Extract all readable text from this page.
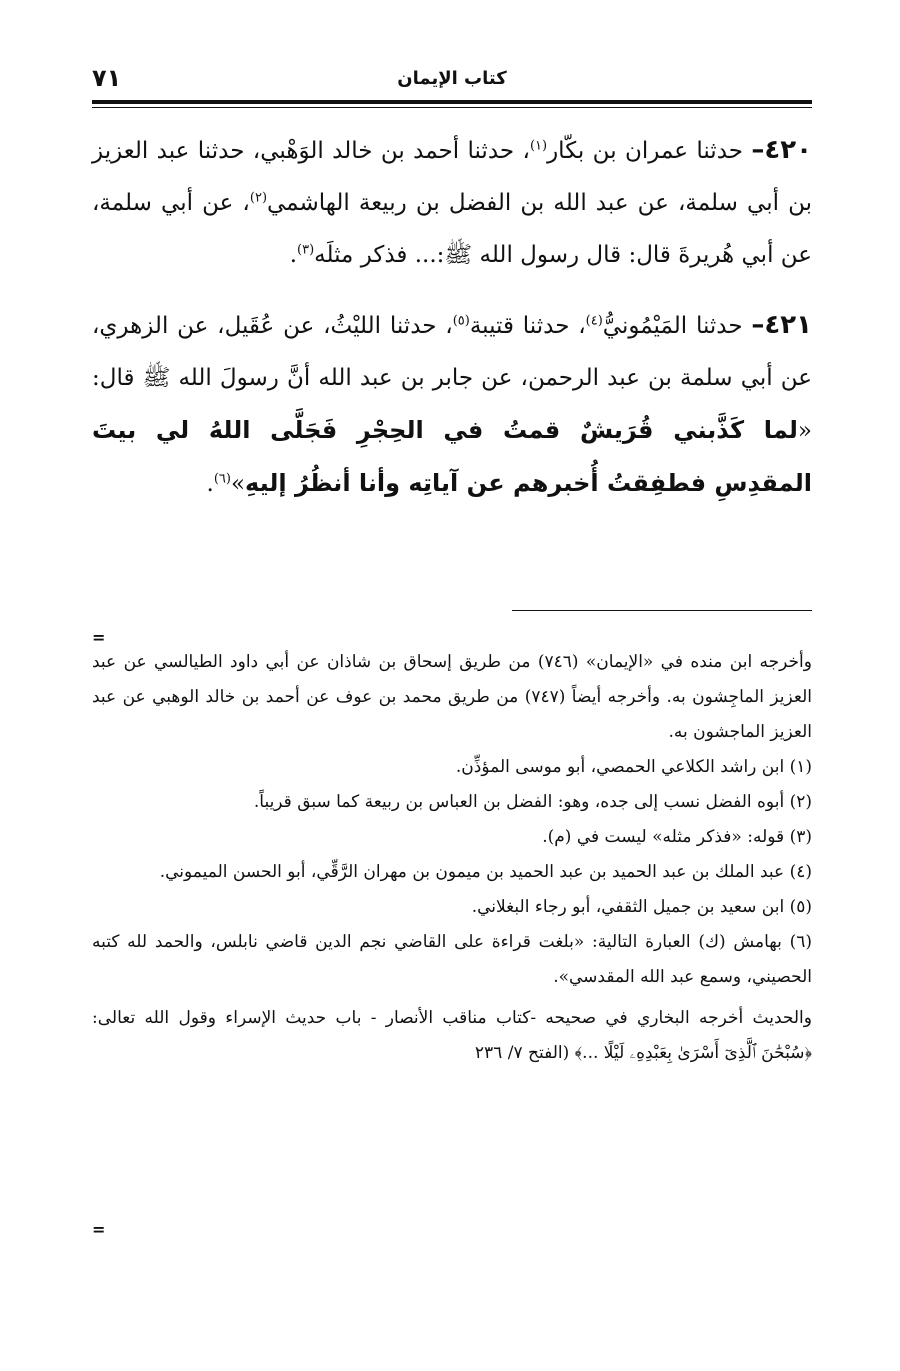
٧١	كتاب الإيمان

٤٢٠– حدثنا عمران بن بكّار$^{(١)}$، حدثنا أحمد بن خالد الوَهْبي، حدثنا عبد العزيز بن أبي سلمة، عن عبد الله بن الفضل بن ربيعة الهاشمي$^{(٢)}$، عن أبي سلمة، عن أبي هُريرةَ قال: قال رسول الله ﷺ:... فذكر مثلَه$^{(٣)}$.

٤٢١– حدثنا المَيْمُونيُّ$^{(٤)}$، حدثنا قتيبة$^{(٥)}$، حدثنا الليْثُ، عن عُقَيل، عن الزهري، عن أبي سلمة بن عبد الرحمن، عن جابر بن عبد الله أنَّ رسولَ الله ﷺ قال: «لما كَذَّبني قُرَيشٌ قمتُ في الحِجْرِ فَجَلَّى اللهُ لي بيتَ المقدِسِ فطفِقتُ أُخبرهم عن آياتِه وأنا أنظُرُ إليهِ»$^{(٦)}$.

=

وأخرجه ابن منده في «الإيمان» (٧٤٦) من طريق إسحاق بن شاذان عن أبي داود الطيالسي عن عبد العزيز الماجِشون به. وأخرجه أيضاً (٧٤٧) من طريق محمد بن عوف عن أحمد بن خالد الوهبي عن عبد العزيز الماجشون به.

(١) ابن راشد الكلاعي الحمصي، أبو موسى المؤذِّن.

(٢) أبوه الفضل نسب إلى جده، وهو: الفضل بن العباس بن ربيعة كما سبق قريباً.

(٣) قوله: «فذكر مثله» ليست في (م).

(٤) عبد الملك بن عبد الحميد بن عبد الحميد بن ميمون بن مهران الرَّقِّي، أبو الحسن الميموني.

(٥) ابن سعيد بن جميل الثقفي، أبو رجاء البغلاني.

(٦) بهامش (ك) العبارة التالية: «بلغت قراءة على القاضي نجم الدين قاضي نابلس، والحمد لله كتبه الحصيني، وسمع عبد الله المقدسي».

والحديث أخرجه البخاري في صحيحه -كتاب مناقب الأنصار - باب حديث الإسراء وقول الله تعالى: ﴿سُبْحَٰنَ ٱلَّذِىٓ أَسْرَىٰ بِعَبْدِهِۦ لَيْلًا ...﴾ (الفتح ٧/ ٢٣٦

=
